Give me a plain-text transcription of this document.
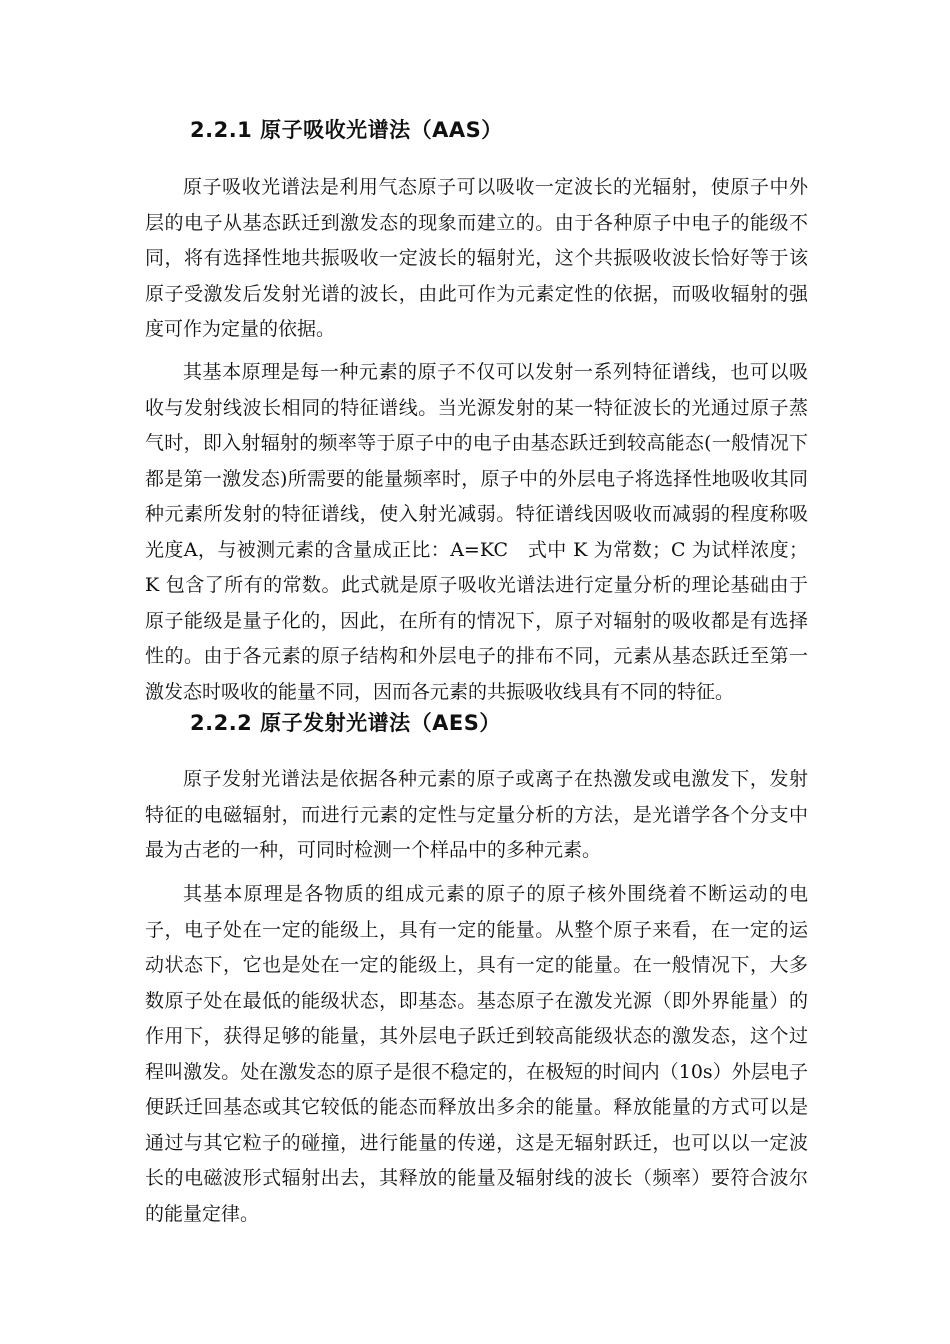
2.2.1 原子吸收光谱法（AAS）

原子吸收光谱法是利用气态原子可以吸收一定波长的光辐射，使原子中外层的电子从基态跃迁到激发态的现象而建立的。由于各种原子中电子的能级不同，将有选择性地共振吸收一定波长的辐射光，这个共振吸收波长恰好等于该原子受激发后发射光谱的波长，由此可作为元素定性的依据，而吸收辐射的强度可作为定量的依据。

其基本原理是每一种元素的原子不仅可以发射一系列特征谱线，也可以吸收与发射线波长相同的特征谱线。当光源发射的某一特征波长的光通过原子蒸气时，即入射辐射的频率等于原子中的电子由基态跃迁到较高能态(一般情况下都是第一激发态)所需要的能量频率时，原子中的外层电子将选择性地吸收其同种元素所发射的特征谱线，使入射光减弱。特征谱线因吸收而减弱的程度称吸光度A，与被测元素的含量成正比：A=KC　式中 K 为常数；C 为试样浓度；K 包含了所有的常数。此式就是原子吸收光谱法进行定量分析的理论基础由于原子能级是量子化的，因此，在所有的情况下，原子对辐射的吸收都是有选择性的。由于各元素的原子结构和外层电子的排布不同，元素从基态跃迁至第一激发态时吸收的能量不同，因而各元素的共振吸收线具有不同的特征。

2.2.2 原子发射光谱法（AES）

原子发射光谱法是依据各种元素的原子或离子在热激发或电激发下，发射特征的电磁辐射，而进行元素的定性与定量分析的方法，是光谱学各个分支中最为古老的一种，可同时检测一个样品中的多种元素。

其基本原理是各物质的组成元素的原子的原子核外围绕着不断运动的电子，电子处在一定的能级上，具有一定的能量。从整个原子来看，在一定的运动状态下，它也是处在一定的能级上，具有一定的能量。在一般情况下，大多数原子处在最低的能级状态，即基态。基态原子在激发光源（即外界能量）的作用下，获得足够的能量，其外层电子跃迁到较高能级状态的激发态，这个过程叫激发。处在激发态的原子是很不稳定的，在极短的时间内（10s）外层电子便跃迁回基态或其它较低的能态而释放出多余的能量。释放能量的方式可以是通过与其它粒子的碰撞，进行能量的传递，这是无辐射跃迁，也可以以一定波长的电磁波形式辐射出去，其释放的能量及辐射线的波长（频率）要符合波尔的能量定律。
